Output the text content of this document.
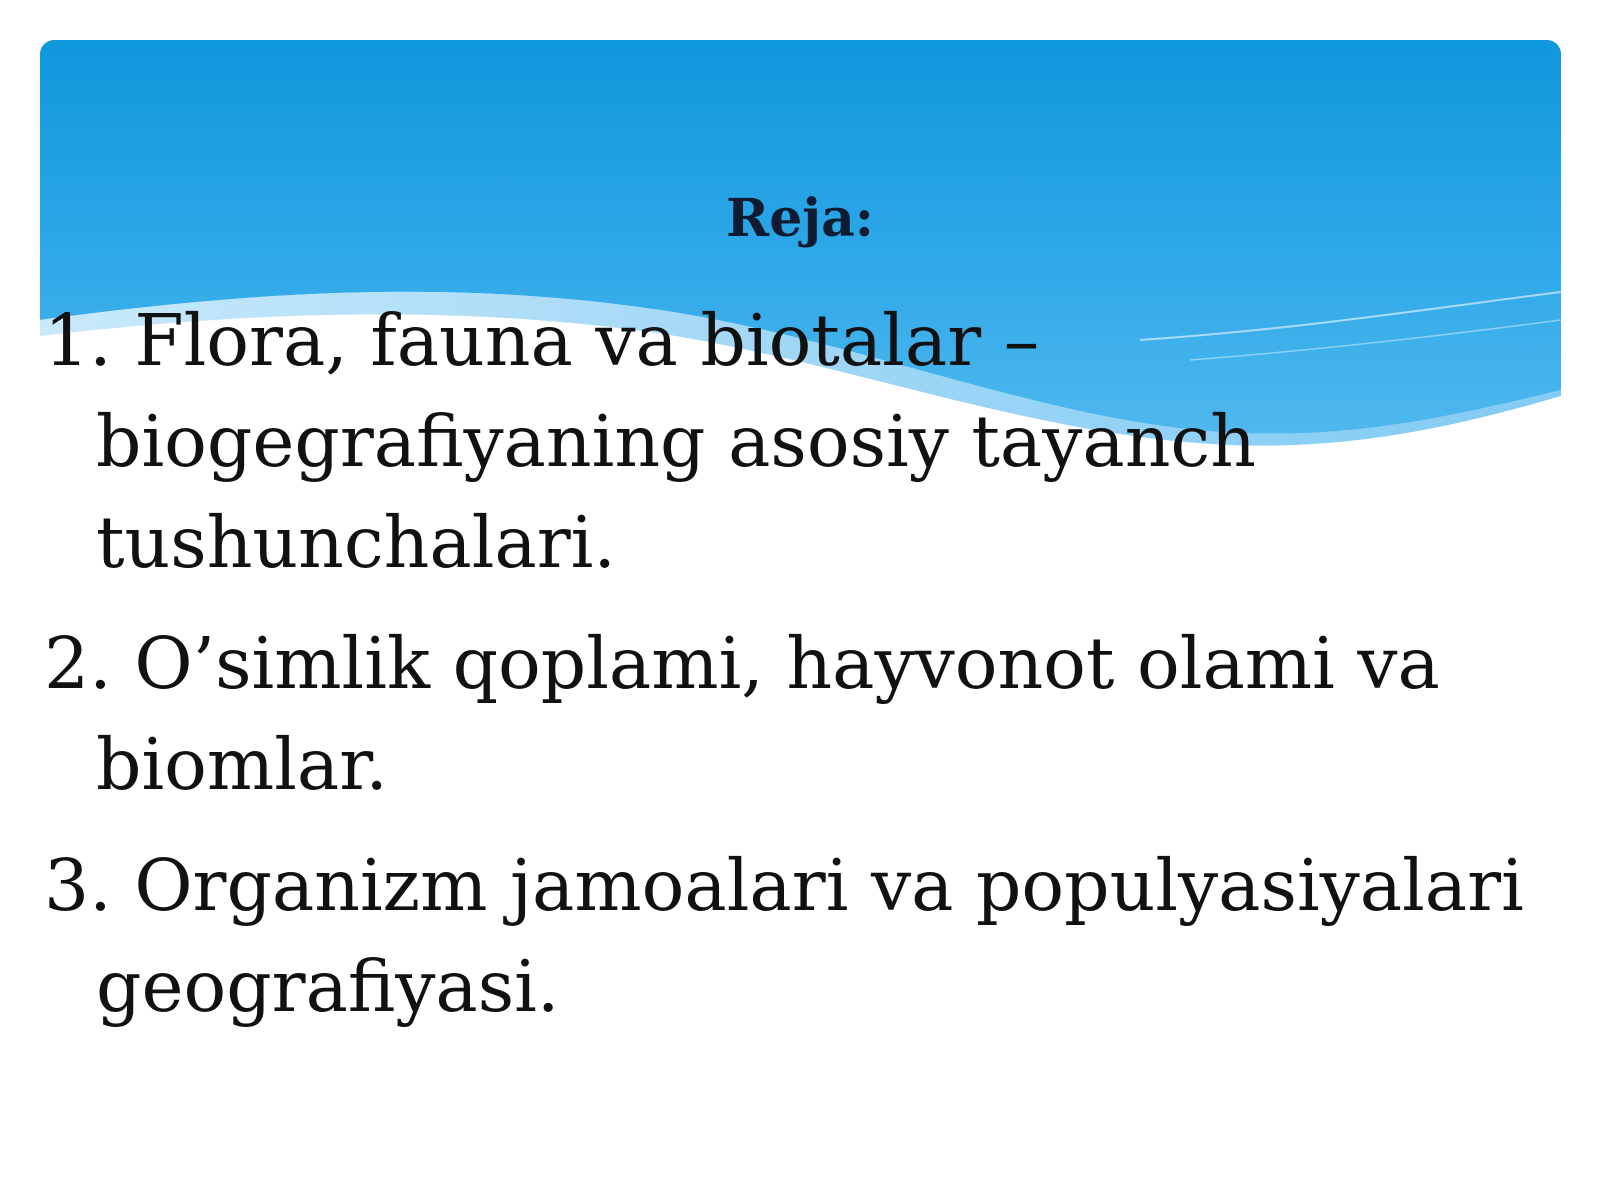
Reja:
1. Flora, fauna va biotalar – biogegrafiyaning asosiy tayanch tushunchalari.
2. O’simlik qoplami, hayvonot olami va biomlar.
3. Organizm jamoalari va populyasiyalari geografiyasi.
